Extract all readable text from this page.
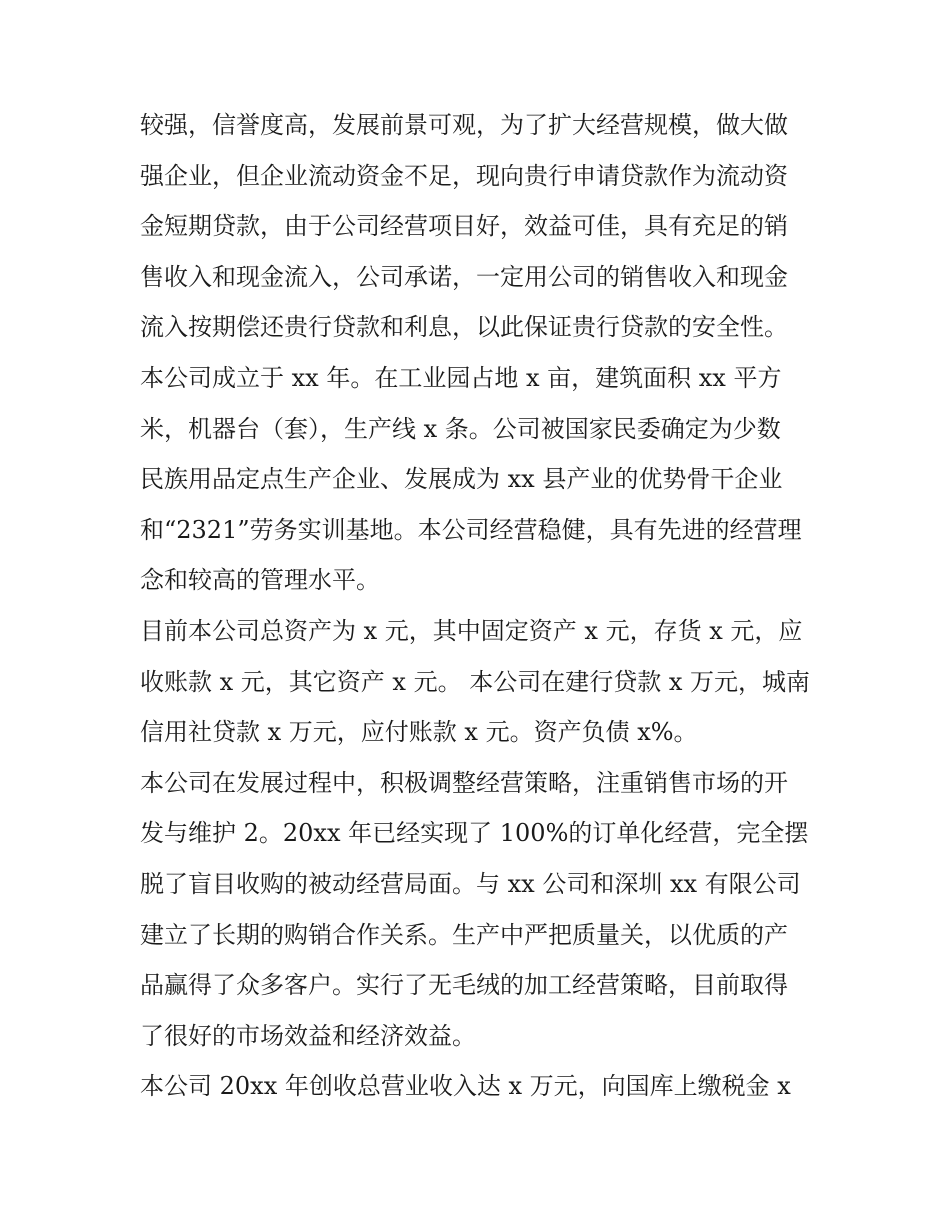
较强，信誉度高，发展前景可观，为了扩大经营规模，做大做

强企业，但企业流动资金不足，现向贵行申请贷款作为流动资

金短期贷款，由于公司经营项目好，效益可佳，具有充足的销

售收入和现金流入，公司承诺，一定用公司的销售收入和现金

流入按期偿还贵行贷款和利息，以此保证贵行贷款的安全性。

本公司成立于 xx 年。在工业园占地 x 亩，建筑面积 xx 平方

米，机器台（套），生产线 x 条。公司被国家民委确定为少数

民族用品定点生产企业、发展成为 xx 县产业的优势骨干企业

和“2321”劳务实训基地。本公司经营稳健，具有先进的经营理

念和较高的管理水平。

目前本公司总资产为 x 元，其中固定资产 x 元，存货 x 元，应

收账款 x 元，其它资产 x 元。 本公司在建行贷款 x 万元，城南

信用社贷款 x 万元，应付账款 x 元。资产负债 x%。

本公司在发展过程中，积极调整经营策略，注重销售市场的开

发与维护 2。20xx 年已经实现了 100%的订单化经营，完全摆

脱了盲目收购的被动经营局面。与 xx 公司和深圳 xx 有限公司

建立了长期的购销合作关系。生产中严把质量关，以优质的产

品赢得了众多客户。实行了无毛绒的加工经营策略，目前取得

了很好的市场效益和经济效益。

本公司 20xx 年创收总营业收入达 x 万元，向国库上缴税金 x
